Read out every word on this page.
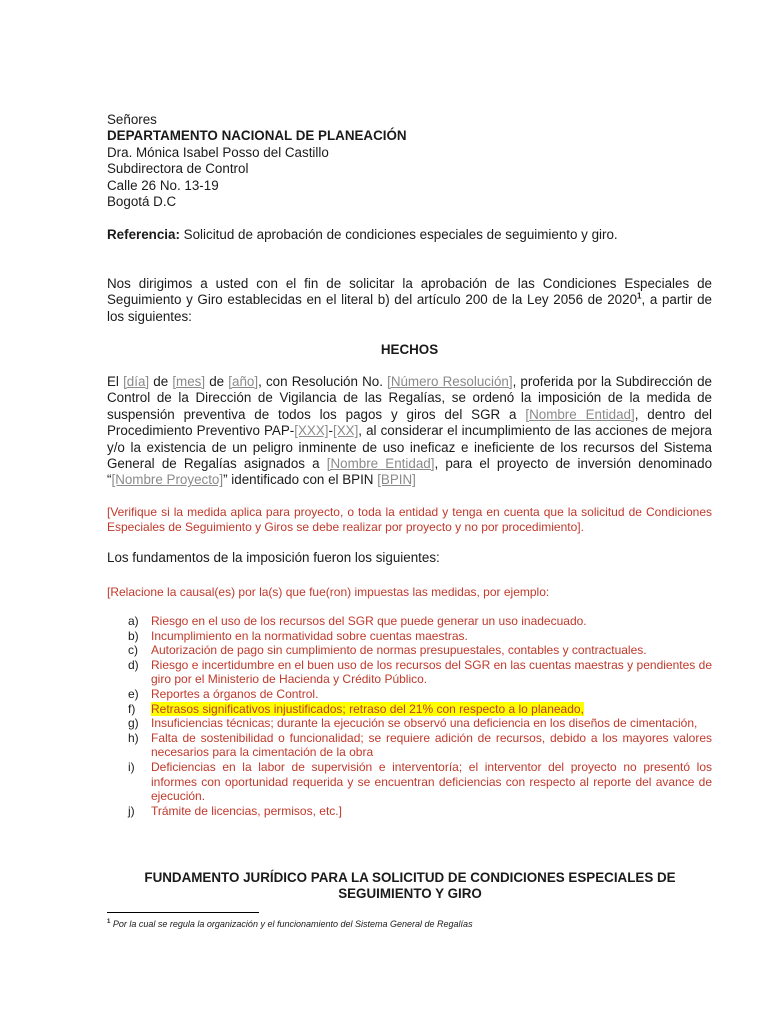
Señores
DEPARTAMENTO NACIONAL DE PLANEACIÓN
Dra. Mónica Isabel Posso del Castillo
Subdirectora de Control
Calle 26 No. 13-19
Bogotá D.C
Referencia: Solicitud de aprobación de condiciones especiales de seguimiento y giro.
Nos dirigimos a usted con el fin de solicitar la aprobación de las Condiciones Especiales de Seguimiento y Giro establecidas en el literal b) del artículo 200 de la Ley 2056 de 2020$^1$, a partir de los siguientes:
HECHOS
El [día] de [mes] de [año], con Resolución No. [Número Resolución], proferida por la Subdirección de Control de la Dirección de Vigilancia de las Regalías, se ordenó la imposición de la medida de suspensión preventiva de todos los pagos y giros del SGR a [Nombre Entidad], dentro del Procedimiento Preventivo PAP-[XXX]-[XX], al considerar el incumplimiento de las acciones de mejora y/o la existencia de un peligro inminente de uso ineficaz e ineficiente de los recursos del Sistema General de Regalías asignados a [Nombre Entidad], para el proyecto de inversión denominado “[Nombre Proyecto]” identificado con el BPIN [BPIN]
[Verifique si la medida aplica para proyecto, o toda la entidad y tenga en cuenta que la solicitud de Condiciones Especiales de Seguimiento y Giros se debe realizar por proyecto y no por procedimiento].
Los fundamentos de la imposición fueron los siguientes:
[Relacione la causal(es) por la(s) que fue(ron) impuestas las medidas, por ejemplo:
a) Riesgo en el uso de los recursos del SGR que puede generar un uso inadecuado.
b) Incumplimiento en la normatividad sobre cuentas maestras.
c) Autorización de pago sin cumplimiento de normas presupuestales, contables y contractuales.
d) Riesgo e incertidumbre en el buen uso de los recursos del SGR en las cuentas maestras y pendientes de giro por el Ministerio de Hacienda y Crédito Público.
e) Reportes a órganos de Control.
f) Retrasos significativos injustificados; retraso del 21% con respecto a lo planeado,
g) Insuficiencias técnicas; durante la ejecución se observó una deficiencia en los diseños de cimentación,
h) Falta de sostenibilidad o funcionalidad; se requiere adición de recursos, debido a los mayores valores necesarios para la cimentación de la obra
i) Deficiencias en la labor de supervisión e interventoría; el interventor del proyecto no presentó los informes con oportunidad requerida y se encuentran deficiencias con respecto al reporte del avance de ejecución.
j) Trámite de licencias, permisos, etc.]
FUNDAMENTO JURÍDICO PARA LA SOLICITUD DE CONDICIONES ESPECIALES DE SEGUIMIENTO Y GIRO
$^1$ Por la cual se regula la organización y el funcionamiento del Sistema General de Regalías
